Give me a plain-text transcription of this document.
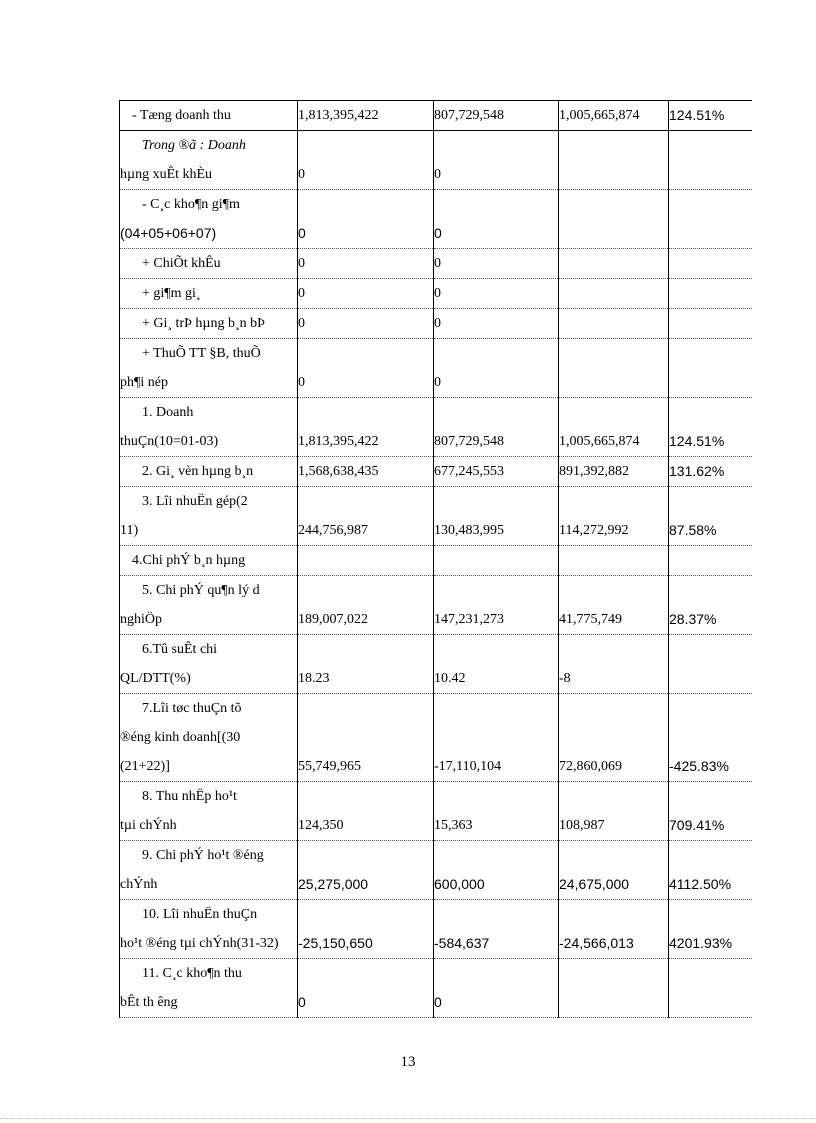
- Tæng doanh thu	1,813,395,422	807,729,548	1,005,665,874	124.51%

Trong ®ã : Doanh
hµng xuÊt khÈu	0	0		

- C¸c kho¶n gi¶m
(04+05+06+07)	0	0		

+ ChiÕt khÊu	0	0		

+ gi¶m gi¸	0	0		

+ Gi¸ trÞ hµng b¸n bÞ	0	0		

+ ThuÕ TT §B, thuÕ
ph¶i nép	0	0		

1. Doanh
thuÇn(10=01-03)	1,813,395,422	807,729,548	1,005,665,874	124.51%

2. Gi¸ vèn hµng b¸n	1,568,638,435	677,245,553	891,392,882	131.62%

3. Lîi nhuËn gép(2
11)	244,756,987	130,483,995	114,272,992	87.58%

4.Chi phÝ b¸n hµng				

5. Chi phÝ qu¶n lý d
nghiÖp	189,007,022	147,231,273	41,775,749	28.37%

6.Tû suÊt chi
QL/DTT(%)	18.23	10.42	-8	

7.Lîi tøc thuÇn tõ
®éng kinh doanh[(30
(21+22)]	55,749,965	-17,110,104	72,860,069	-425.83%

8. Thu nhËp ho¹t
tµi chÝnh	124,350	15,363	108,987	709.41%

9. Chi phÝ ho¹t ®éng
chÝnh	25,275,000	600,000	24,675,000	4112.50%

10. Lîi nhuËn thuÇn
ho¹t ®éng tµi chÝnh(31-32)	-25,150,650	-584,637	-24,566,013	4201.93%

11. C¸c kho¶n thu
bÊt th êng	0	0		

13
